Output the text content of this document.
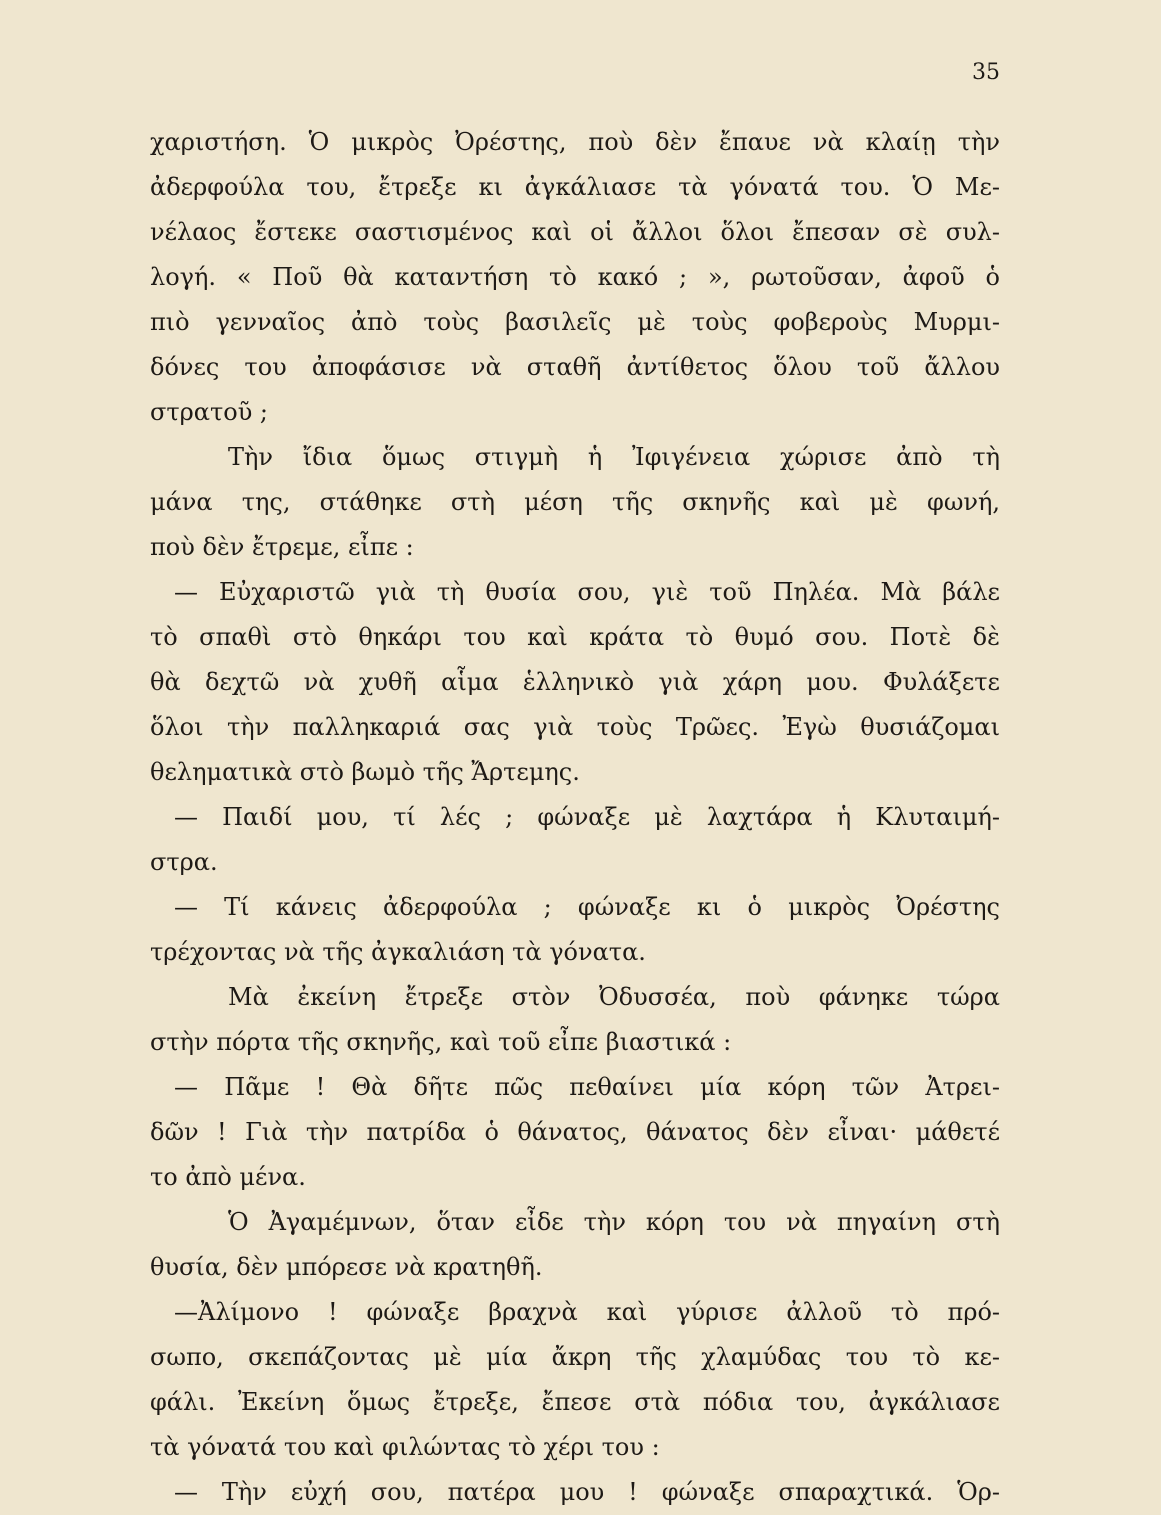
35
χαριστήση. Ὁ μικρὸς Ὀρέστης, ποὺ δὲν ἔπαυε νὰ κλαίῃ τὴν
ἀδερφούλα του, ἔτρεξε κι ἀγκάλιασε τὰ γόνατά του. Ὁ Με-
νέλαος ἔστεκε σαστισμένος καὶ οἱ ἄλλοι ὅλοι ἔπεσαν σὲ συλ-
λογή. « Ποῦ θὰ καταντήση τὸ κακό ; », ρωτοῦσαν, ἀφοῦ ὁ
πιὸ γενναῖος ἀπὸ τοὺς βασιλεῖς μὲ τοὺς φοβεροὺς Μυρμι-
δόνες του ἀποφάσισε νὰ σταθῆ ἀντίθετος ὅλου τοῦ ἄλλου
στρατοῦ ;
Τὴν ἴδια ὅμως στιγμὴ ἡ Ἰφιγένεια χώρισε ἀπὸ τὴ
μάνα της, στάθηκε στὴ μέση τῆς σκηνῆς καὶ μὲ φωνή,
ποὺ δὲν ἔτρεμε, εἶπε :
— Εὐχαριστῶ γιὰ τὴ θυσία σου, γιὲ τοῦ Πηλέα. Μὰ βάλε
τὸ σπαθὶ στὸ θηκάρι του καὶ κράτα τὸ θυμό σου. Ποτὲ δὲ
θὰ δεχτῶ νὰ χυθῆ αἷμα ἑλληνικὸ γιὰ χάρη μου. Φυλάξετε
ὅλοι τὴν παλληκαριά σας γιὰ τοὺς Τρῶες. Ἐγὼ θυσιάζομαι
θεληματικὰ στὸ βωμὸ τῆς Ἄρτεμης.
— Παιδί μου, τί λές ; φώναξε μὲ λαχτάρα ἡ Κλυταιμή-
στρα.
— Τί κάνεις ἀδερφούλα ; φώναξε κι ὁ μικρὸς Ὀρέστης
τρέχοντας νὰ τῆς ἀγκαλιάση τὰ γόνατα.
Μὰ ἐκείνη ἔτρεξε στὸν Ὀδυσσέα, ποὺ φάνηκε τώρα
στὴν πόρτα τῆς σκηνῆς, καὶ τοῦ εἶπε βιαστικά :
— Πᾶμε ! Θὰ δῆτε πῶς πεθαίνει μία κόρη τῶν Ἀτρει-
δῶν ! Γιὰ τὴν πατρίδα ὁ θάνατος, θάνατος δὲν εἶναι· μάθετέ
το ἀπὸ μένα.
Ὁ Ἀγαμέμνων, ὅταν εἶδε τὴν κόρη του νὰ πηγαίνη στὴ
θυσία, δὲν μπόρεσε νὰ κρατηθῆ.
—Ἀλίμονο ! φώναξε βραχνὰ καὶ γύρισε ἀλλοῦ τὸ πρό-
σωπο, σκεπάζοντας μὲ μία ἄκρη τῆς χλαμύδας του τὸ κε-
φάλι. Ἐκείνη ὅμως ἔτρεξε, ἔπεσε στὰ πόδια του, ἀγκάλιασε
τὰ γόνατά του καὶ φιλώντας τὸ χέρι του :
— Τὴν εὐχή σου, πατέρα μου ! φώναξε σπαραχτικά. Ὁρ-
